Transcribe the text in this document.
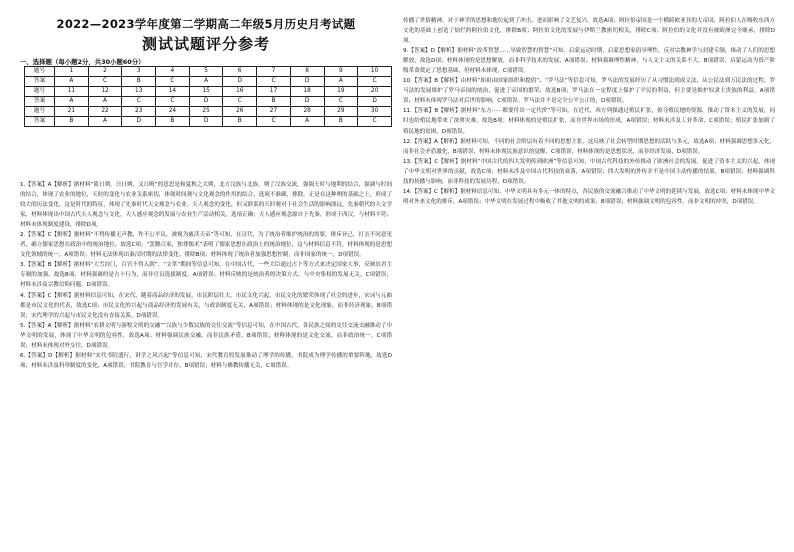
2022—2023学年度第二学期高二年级5月历史月考试题
测试试题评分参考
一、选择题（每小题2分，共30小题60分）
题号	1	2	3	4	5	6	7	8	9	10
答案	A	C	B	C	A	D	C	D	A	C
题号	11	12	13	14	15	16	17	18	19	20
答案	A	A	C	C	D	C	B	D	C	D
题号	21	22	23	24	25	26	27	28	29	30
答案	B	A	D	B	D	B	C	A	B	C

1.【答案】A【解析】据材料“简日朔，日日朔，又日晦”的意思是和夏秋之大朔，北方汉族与北族，朔了汉族交流，强调天时与地利的结合，强调与时间的结合，体现了农业的地位，天时的变化与农业关系密切，体现时间观与文化观念的作用的结合，选项不准确，排除。正是在这种朔的基础之上，形成了较大的历法变化，这是时代的特征，体现了先秦时代天文观念与农业，天人观念的变化，但又联系的天时观对于社会生活的影响深远，先秦朝代的天文学家，材料体现出中国古代天人观念与文化，天人感应观念的发展与农业生产活动相关，选项正确；天人感应观念源自于先秦，形成于西汉，与材料不符；材料未体现制度建设，排除D项。

2.【答案】C【解析】据材料“不得传播无声教，作不公平议，被视为亵渎天帝”等可知，在汉代，为了统治者维护统治的需要，排斥异己，打击不同意见者，确立儒家思想在政治中的统治地位，故选C项；“罢黜百家，独尊儒术”表明了儒家思想在政治上的统治地位，这与材料信息不符，材料体现的是思想文化领域的统一，A项错误；材料无法体现出秦汉时期的法律变化，排除B项；材料体现了统治者加强思想控制，而非国家的统一，D项错误。

3.【答案】B【解析】据材料“大雪封门，百官不得入朝”、“文革”期间等信息可知，在中国古代，一些大臣通过占卜等方式来决定国家大事，反映出君主专制的加强，故选B项；材料强调的是占卜行为，而非官员选拔制度，A项错误；材料反映的是统治者的决策方式，与中央集权的发展无关，C项错误；材料未涉及宗教信仰问题，D项错误。

4.【答案】C【解析】据材料信息可知，在宋代，随着商品经济的发展，市民阶层壮大，市民文化兴起，市民文化的繁荣体现了社会的进步，宋词与元曲都是市民文化的代表，故选C项；市民文化的兴起与商品经济的发展有关，与政治制度无关，A项错误；材料体现的是文化现象，而非经济现象，B项错误；宋代理学的兴起与市民文化没有直接关系，D项错误。

5.【答案】A【解析】据材料“农耕文明与游牧文明的交融”“汉族与少数民族的交往交流”等信息可知，在中国古代，各民族之间的交往交流交融推动了中华文明的发展，体现了中华文明的包容性，故选A项；材料强调民族交融，而非民族矛盾，B项错误；材料体现的是文化交流，而非政治统一，C项错误；材料未体现对外交往，D项错误。

6.【答案】D【解析】据材料“宋代书院盛行，讲学之风兴起”等信息可知，宋代教育的发展推动了理学的传播，书院成为理学传播的重要阵地，故选D项；材料未涉及科举制度的变化，A项错误；书院教育与官学并存，B项错误；材料与佛教传播无关，C项错误。

传播了世俗精神，对于神学的思想和地位起到了冲击，进而影响了文艺复兴，故选A项；阿拉伯帝国是一个横跨欧亚非的大帝国，阿拉伯人在吸收东西方文化的基础上创造了灿烂的阿拉伯文化，排除B项；阿拉伯文化的发展与伊斯兰教密切相关，排除C项；阿拉伯的文化并没有被欧洲完全继承，排除D项。

9.【答案】D【解析】据材料“改革智慧……导致智慧的智慧”可知，启蒙运动时期，启蒙思想家倡导理性，反对宗教神学与封建专制，推动了人们的思想解放，故选D项；材料体现的是思想解放，而非科学技术的发展，A项错误；材料强调理性精神，与人文主义的关系不大，B项错误；启蒙运动为资产阶级革命奠定了思想基础，但材料未体现，C项错误。

10.【答案】B【解析】由材料“始祖由国家组织和提倡”、“罗马法”等信息可知，罗马法的发展经历了从习惯法到成文法、从公民法到万民法的过程，罗马法的发展维护了罗马帝国的统治，促进了帝国的繁荣，故选B项；罗马法在一定程度上保护了平民的利益，但主要是维护奴隶主贵族的利益，A项错误；材料未体现罗马法对后世的影响，C项错误；罗马法并不是完全公平公正的，D项错误。

11.【答案】B【解析】据材料“东方······都要付出一定代价”等可知，在近代，西方列强通过殖民扩张，掠夺殖民地的资源，推动了资本主义的发展，同时也给殖民地带来了深重灾难，故选B项；材料体现的是殖民扩张，而非世界市场的形成，A项错误；材料未涉及工业革命，C项错误；殖民扩张加剧了殖民地的贫困，D项错误。

12.【答案】A【解析】据材料可知，不同的社会阶层有着不同的思想主张，这反映了社会转型时期思想的活跃与多元，故选A项；材料强调思想多元化，而非社会矛盾激化，B项错误；材料未体现民族意识的觉醒，C项错误；材料体现的是思想状况，而非经济发展，D项错误。

13.【答案】C【解析】据材料“中国古代的四大发明传到欧洲”等信息可知，中国古代科技的外传推动了欧洲社会的发展，促进了资本主义的兴起，体现了中华文明对世界的贡献，故选C项；材料未涉及中国古代科技的衰落，A项错误；四大发明的外传并不是中国主动传播的结果，B项错误；材料强调科技的传播与影响，而非科技的发展历程，D项错误。

14.【答案】C【解析】据材料信息可知，中华文明具有多元一体的特点，各民族的交流融合推动了中华文明的延续与发展，故选C项；材料未体现中华文明对外来文化的排斥，A项错误；中华文明在发展过程中吸收了其他文明的成果，B项错误；材料强调文明的包容性，而非文明的冲突，D项错误。
